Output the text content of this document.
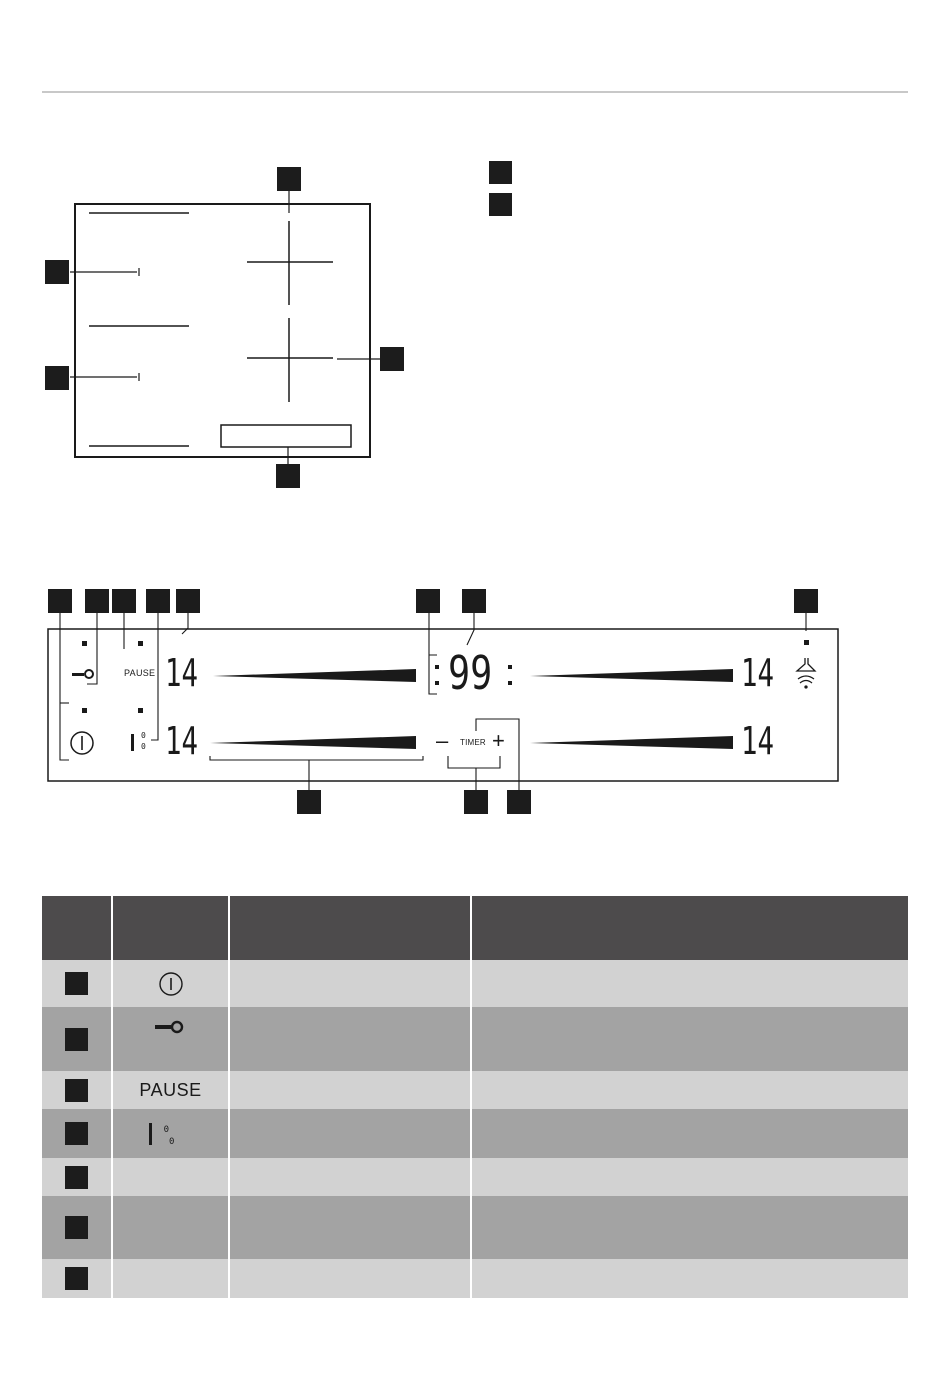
PAUSE 14	99	14
14	14
0
0	– TIMER +

	PAUSE		
	$^0$ $_0$		
